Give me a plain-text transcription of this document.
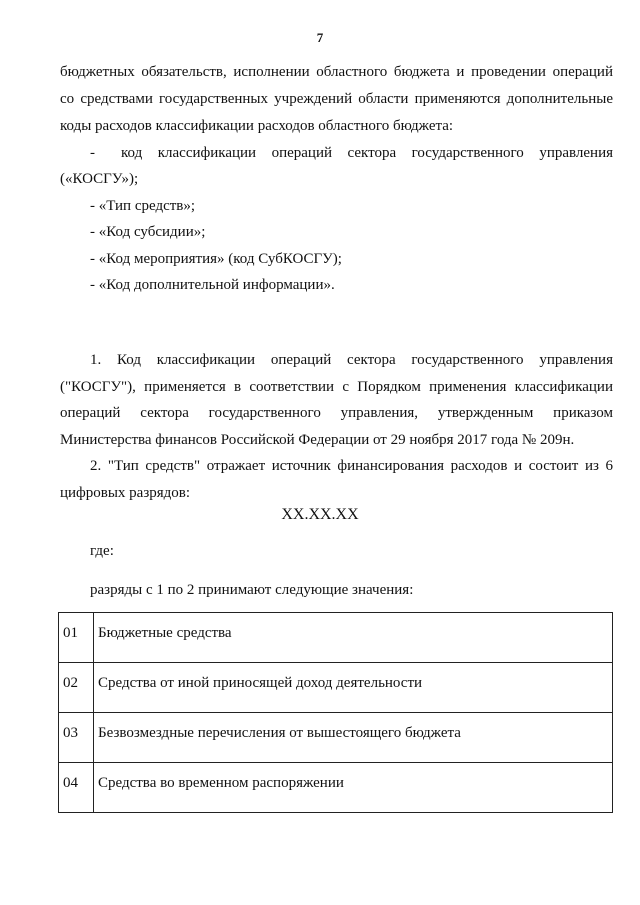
7
бюджетных обязательств, исполнении областного бюджета и проведении операций
со средствами государственных учреждений области применяются дополнительные
коды расходов классификации расходов областного бюджета:
- код классификации операций сектора государственного управления
(«КОСГУ»);
- «Тип средств»;
- «Код субсидии»;
- «Код мероприятия» (код СубКОСГУ);
- «Код дополнительной информации».
1. Код классификации операций сектора государственного управления
("КОСГУ"), применяется в соответствии с Порядком применения классификации
операций сектора государственного управления, утвержденным приказом
Министерства финансов Российской Федерации от 29 ноября 2017 года № 209н.
2. "Тип средств" отражает источник финансирования расходов и состоит из 6
цифровых разрядов:
XX.XX.XX
где:
разряды с 1 по 2 принимают следующие значения:
01	Бюджетные средства
02	Средства от иной приносящей доход деятельности
03	Безвозмездные перечисления от вышестоящего бюджета
04	Средства во временном распоряжении
